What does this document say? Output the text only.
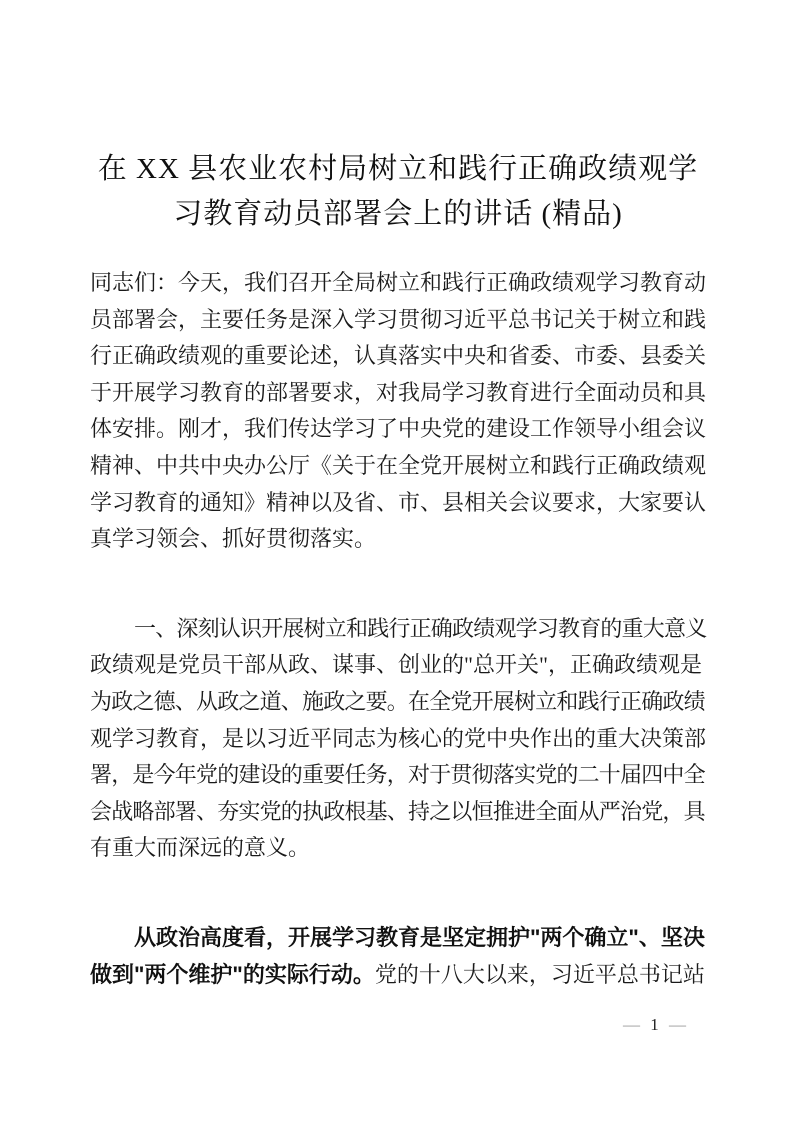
在 XX 县农业农村局树立和践行正确政绩观学
习教育动员部署会上的讲话 (精品)
同志们：今天，我们召开全局树立和践行正确政绩观学习教育动
员部署会，主要任务是深入学习贯彻习近平总书记关于树立和践
行正确政绩观的重要论述，认真落实中央和省委、市委、县委关
于开展学习教育的部署要求，对我局学习教育进行全面动员和具
体安排。刚才，我们传达学习了中央党的建设工作领导小组会议
精神、中共中央办公厅《关于在全党开展树立和践行正确政绩观
学习教育的通知》精神以及省、市、县相关会议要求，大家要认
真学习领会、抓好贯彻落实。
一、深刻认识开展树立和践行正确政绩观学习教育的重大意义
政绩观是党员干部从政、谋事、创业的"总开关"，正确政绩观是
为政之德、从政之道、施政之要。在全党开展树立和践行正确政绩
观学习教育，是以习近平同志为核心的党中央作出的重大决策部
署，是今年党的建设的重要任务，对于贯彻落实党的二十届四中全
会战略部署、夯实党的执政根基、持之以恒推进全面从严治党，具
有重大而深远的意义。
从政治高度看，开展学习教育是坚定拥护"两个确立"、坚决
做到"两个维护"的实际行动。党的十八大以来，习近平总书记站
— 1 —
